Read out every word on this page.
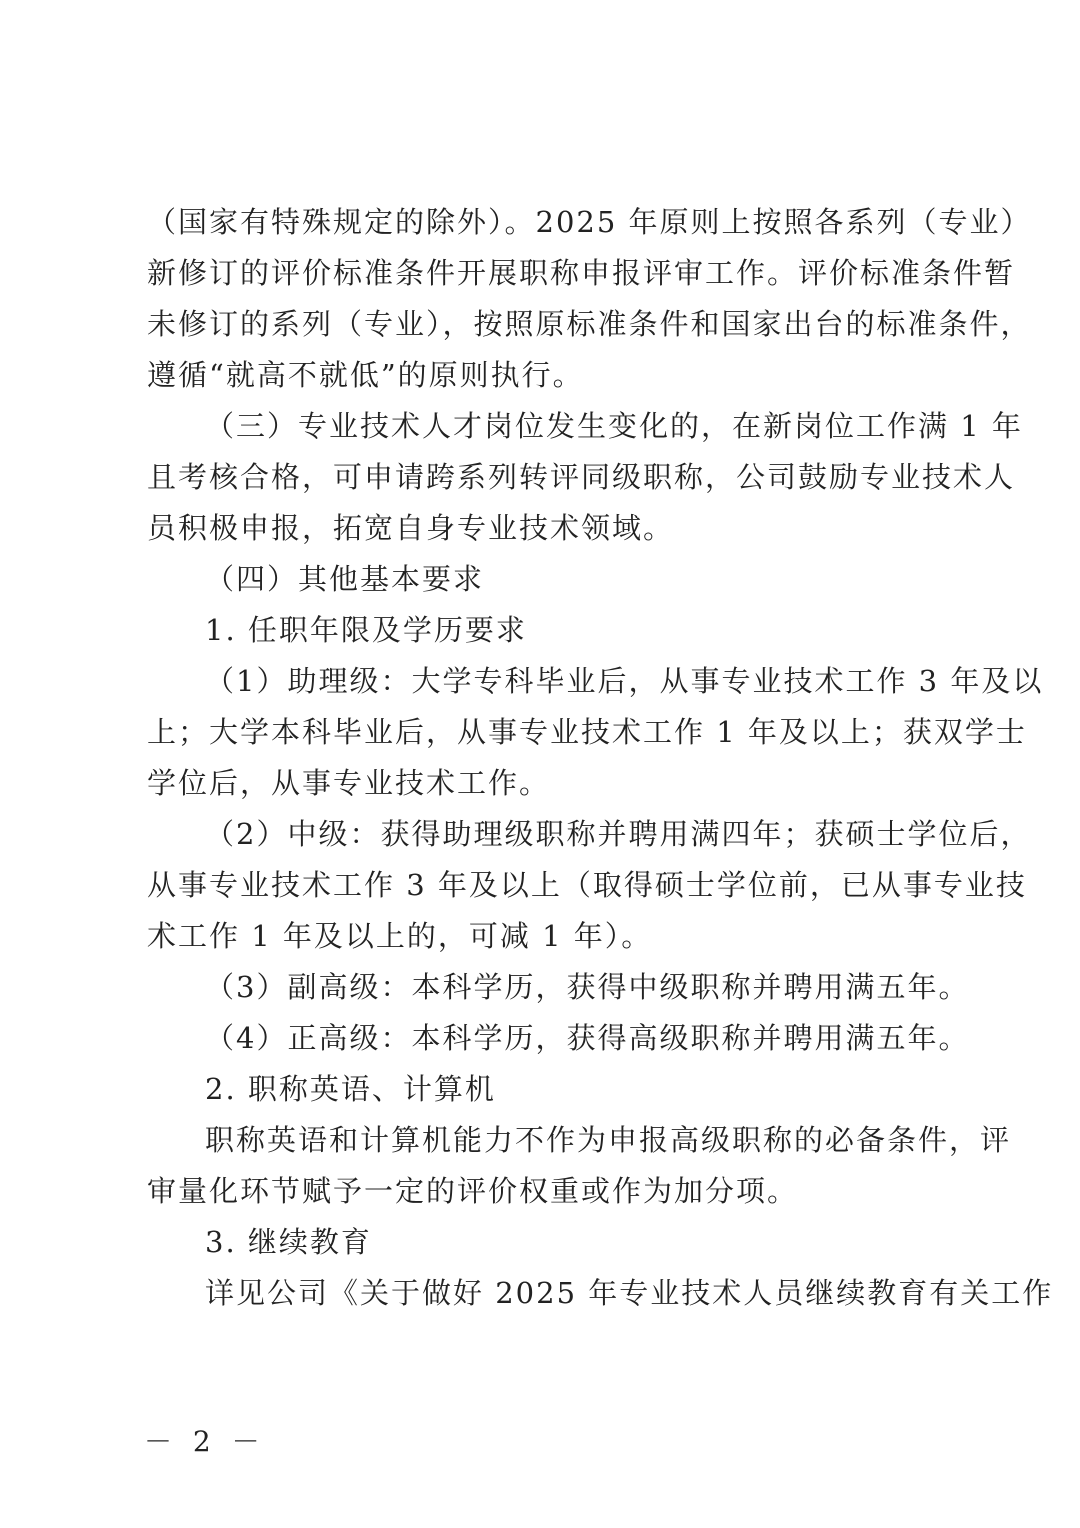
（国家有特殊规定的除外）。2025 年原则上按照各系列（专业）
新修订的评价标准条件开展职称申报评审工作。评价标准条件暂
未修订的系列（专业），按照原标准条件和国家出台的标准条件，
遵循“就高不就低”的原则执行。
（三）专业技术人才岗位发生变化的，在新岗位工作满 1 年
且考核合格，可申请跨系列转评同级职称，公司鼓励专业技术人
员积极申报，拓宽自身专业技术领域。
（四）其他基本要求
1. 任职年限及学历要求
（1）助理级：大学专科毕业后，从事专业技术工作 3 年及以
上；大学本科毕业后，从事专业技术工作 1 年及以上；获双学士
学位后，从事专业技术工作。
（2）中级：获得助理级职称并聘用满四年；获硕士学位后，
从事专业技术工作 3 年及以上（取得硕士学位前，已从事专业技
术工作 1 年及以上的，可减 1 年）。
（3）副高级：本科学历，获得中级职称并聘用满五年。
（4）正高级：本科学历，获得高级职称并聘用满五年。
2. 职称英语、计算机
职称英语和计算机能力不作为申报高级职称的必备条件，评
审量化环节赋予一定的评价权重或作为加分项。
3. 继续教育
详见公司《关于做好 2025 年专业技术人员继续教育有关工作
－ 2 －
